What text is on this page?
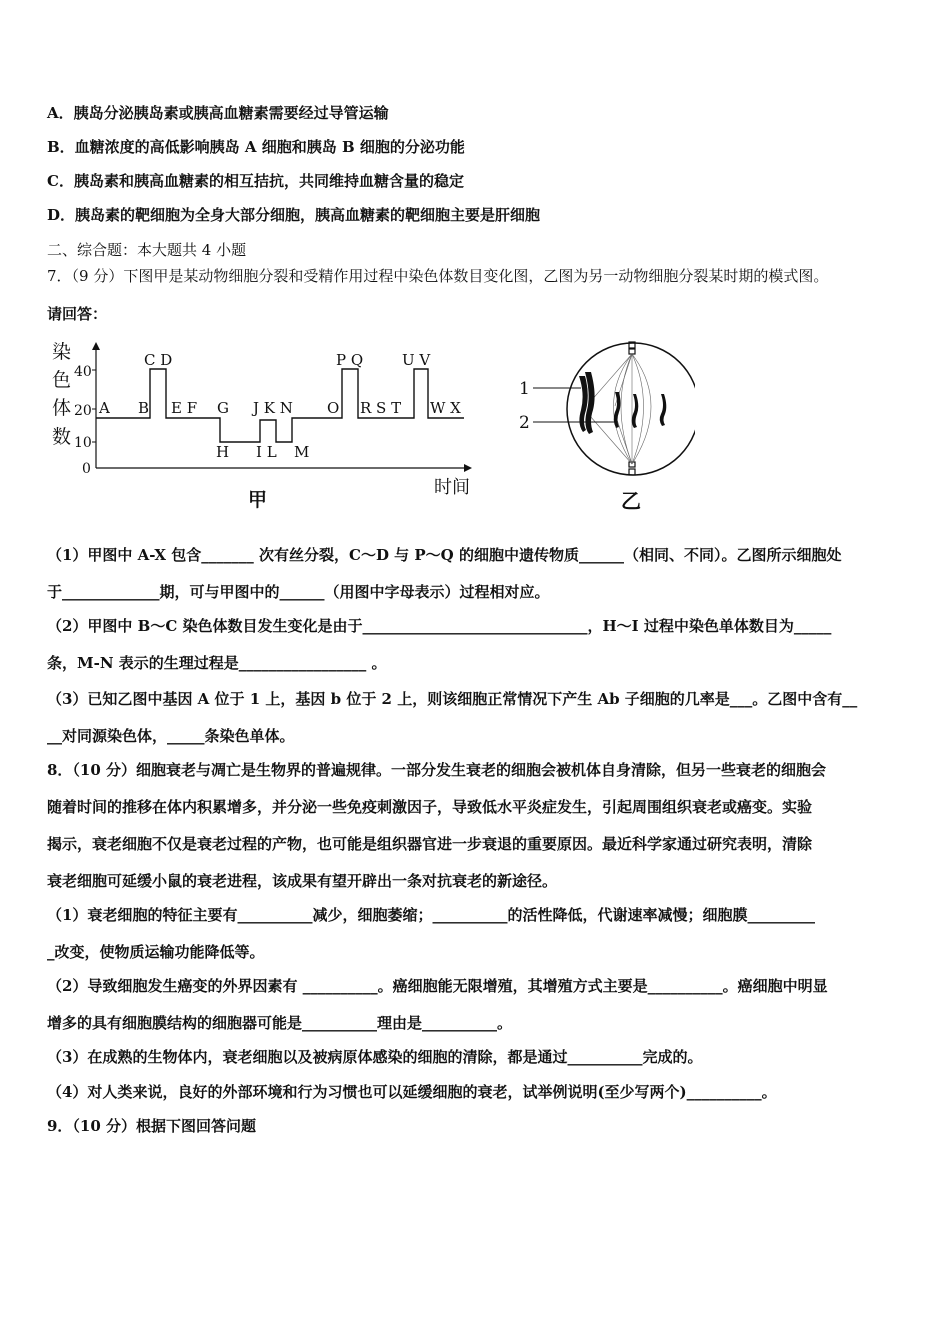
A．胰岛分泌胰岛素或胰高血糖素需要经过导管运输
B．血糖浓度的高低影响胰岛 A 细胞和胰岛 B 细胞的分泌功能
C．胰岛素和胰高血糖素的相互拮抗，共同维持血糖含量的稳定
D．胰岛素的靶细胞为全身大部分细胞，胰高血糖素的靶细胞主要是肝细胞
二、综合题：本大题共 4 小题
7．（9 分）下图甲是某动物细胞分裂和受精作用过程中染色体数目变化图，乙图为另一动物细胞分裂某时期的模式图。
请回答：
染
色
体
数
40
20
10
0
C D	P Q	U V
A B E F G J K N O R S T W X
H I L M
时间
甲
1
2
乙
（1）甲图中 A-X 包含_______ 次有丝分裂，C～D 与 P～Q 的细胞中遗传物质______（相同、不同）。乙图所示细胞处
于_____________期，可与甲图中的______（用图中字母表示）过程相对应。
（2）甲图中 B～C 染色体数目发生变化是由于______________________________，H～I 过程中染色单体数目为_____
条，M-N 表示的生理过程是_________________ 。
（3）已知乙图中基因 A 位于 1 上，基因 b 位于 2 上，则该细胞正常情况下产生 Ab 子细胞的几率是___。乙图中含有__
__对同源染色体，_____条染色单体。
8．（10 分）细胞衰老与凋亡是生物界的普遍规律。一部分发生衰老的细胞会被机体自身清除，但另一些衰老的细胞会
随着时间的推移在体内积累增多，并分泌一些免疫刺激因子，导致低水平炎症发生，引起周围组织衰老或癌变。实验
揭示，衰老细胞不仅是衰老过程的产物，也可能是组织器官进一步衰退的重要原因。最近科学家通过研究表明，清除
衰老细胞可延缓小鼠的衰老进程，该成果有望开辟出一条对抗衰老的新途径。
（1）衰老细胞的特征主要有__________减少，细胞萎缩；__________的活性降低，代谢速率减慢；细胞膜_________
_改变，使物质运输功能降低等。
（2）导致细胞发生癌变的外界因素有 __________。癌细胞能无限增殖，其增殖方式主要是__________。癌细胞中明显
增多的具有细胞膜结构的细胞器可能是__________理由是__________。
（3）在成熟的生物体内，衰老细胞以及被病原体感染的细胞的清除，都是通过__________完成的。
（4）对人类来说，良好的外部环境和行为习惯也可以延缓细胞的衰老，试举例说明(至少写两个)__________。
9．（10 分）根据下图回答问题
